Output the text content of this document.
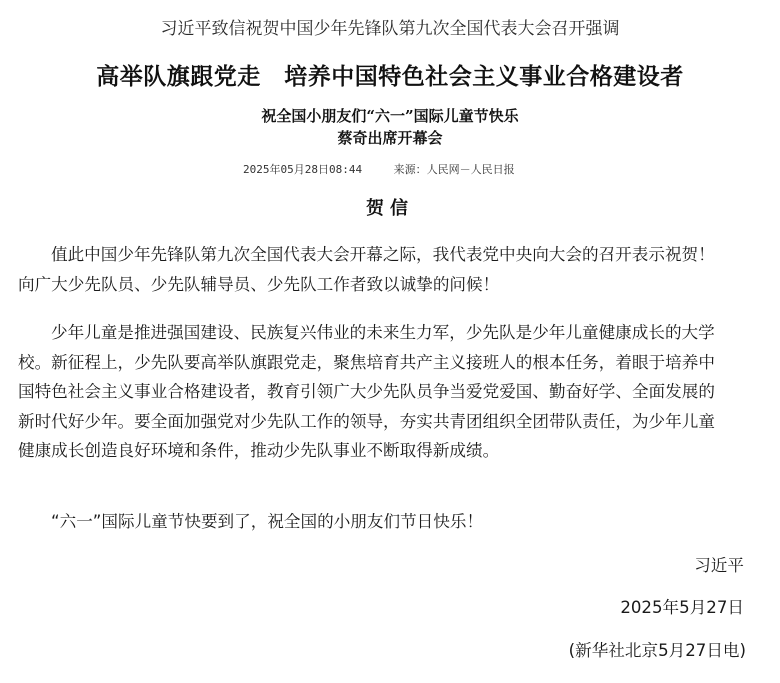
习近平致信祝贺中国少年先锋队第九次全国代表大会召开强调
高举队旗跟党走　培养中国特色社会主义事业合格建设者
祝全国小朋友们“六一”国际儿童节快乐
蔡奇出席开幕会
2025年05月28日08:44	来源：人民网－人民日报
贺信
值此中国少年先锋队第九次全国代表大会开幕之际，我代表党中央向大会的召开表示祝贺！
向广大少先队员、少先队辅导员、少先队工作者致以诚挚的问候！
少年儿童是推进强国建设、民族复兴伟业的未来生力军，少先队是少年儿童健康成长的大学
校。新征程上，少先队要高举队旗跟党走，聚焦培育共产主义接班人的根本任务，着眼于培养中
国特色社会主义事业合格建设者，教育引领广大少先队员争当爱党爱国、勤奋好学、全面发展的
新时代好少年。要全面加强党对少先队工作的领导，夯实共青团组织全团带队责任，为少年儿童
健康成长创造良好环境和条件，推动少先队事业不断取得新成绩。
“六一”国际儿童节快要到了，祝全国的小朋友们节日快乐！
习近平
2025年5月27日
(新华社北京5月27日电)
